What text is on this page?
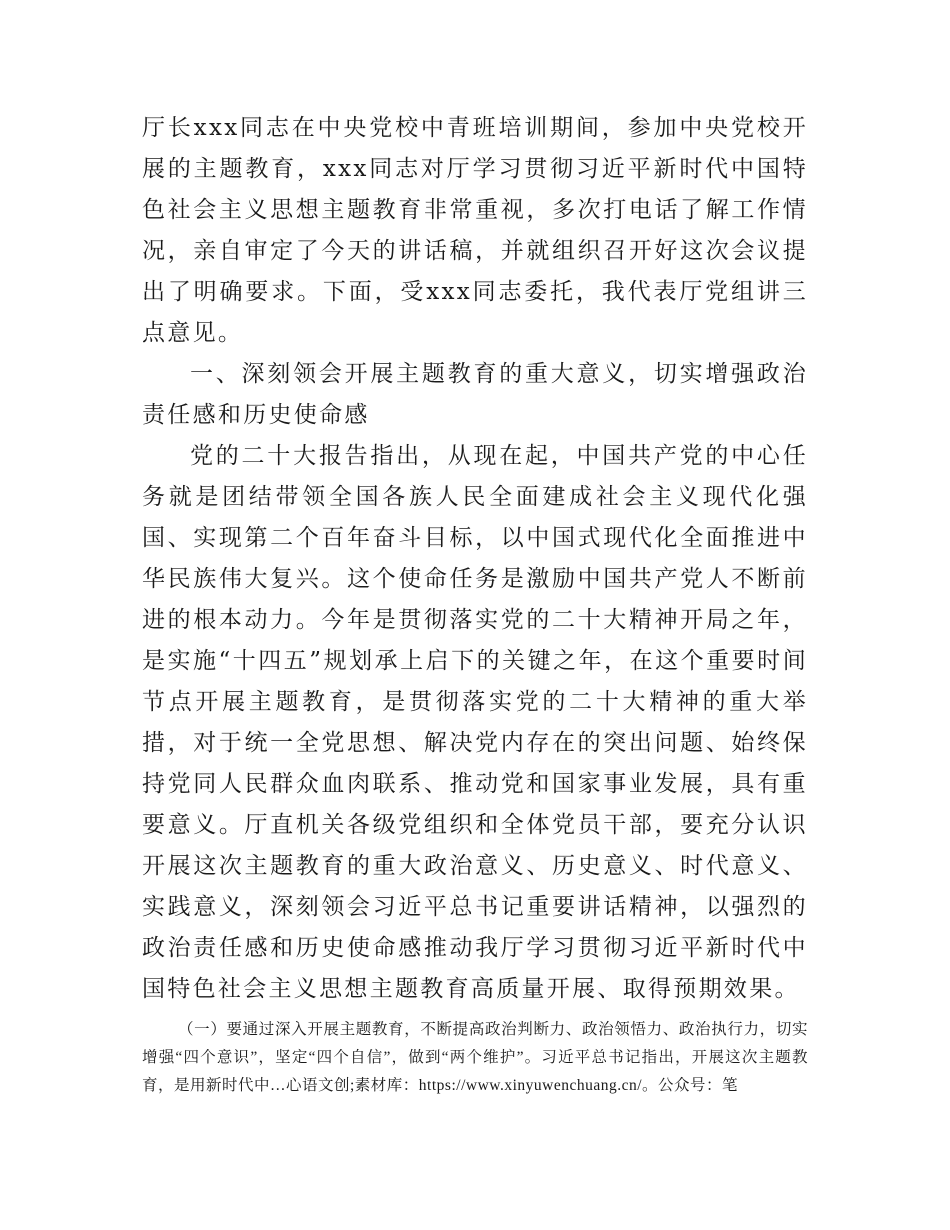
厅长xxx同志在中央党校中青班培训期间，参加中央党校开展的主题教育，xxx同志对厅学习贯彻习近平新时代中国特色社会主义思想主题教育非常重视，多次打电话了解工作情况，亲自审定了今天的讲话稿，并就组织召开好这次会议提出了明确要求。下面，受xxx同志委托，我代表厅党组讲三点意见。

一、深刻领会开展主题教育的重大意义，切实增强政治责任感和历史使命感

党的二十大报告指出，从现在起，中国共产党的中心任务就是团结带领全国各族人民全面建成社会主义现代化强国、实现第二个百年奋斗目标，以中国式现代化全面推进中华民族伟大复兴。这个使命任务是激励中国共产党人不断前进的根本动力。今年是贯彻落实党的二十大精神开局之年，是实施“十四五”规划承上启下的关键之年，在这个重要时间节点开展主题教育，是贯彻落实党的二十大精神的重大举措，对于统一全党思想、解决党内存在的突出问题、始终保持党同人民群众血肉联系、推动党和国家事业发展，具有重要意义。厅直机关各级党组织和全体党员干部，要充分认识开展这次主题教育的重大政治意义、历史意义、时代意义、实践意义，深刻领会习近平总书记重要讲话精神，以强烈的政治责任感和历史使命感推动我厅学习贯彻习近平新时代中国特色社会主义思想主题教育高质量开展、取得预期效果。

（一）要通过深入开展主题教育，不断提高政治判断力、政治领悟力、政治执行力，切实增强“四个意识”，坚定“四个自信”，做到“两个维护”。习近平总书记指出，开展这次主题教育，是用新时代中…心语文创;素材库：https://www.xinyuwenchuang.cn/。公众号：笔
